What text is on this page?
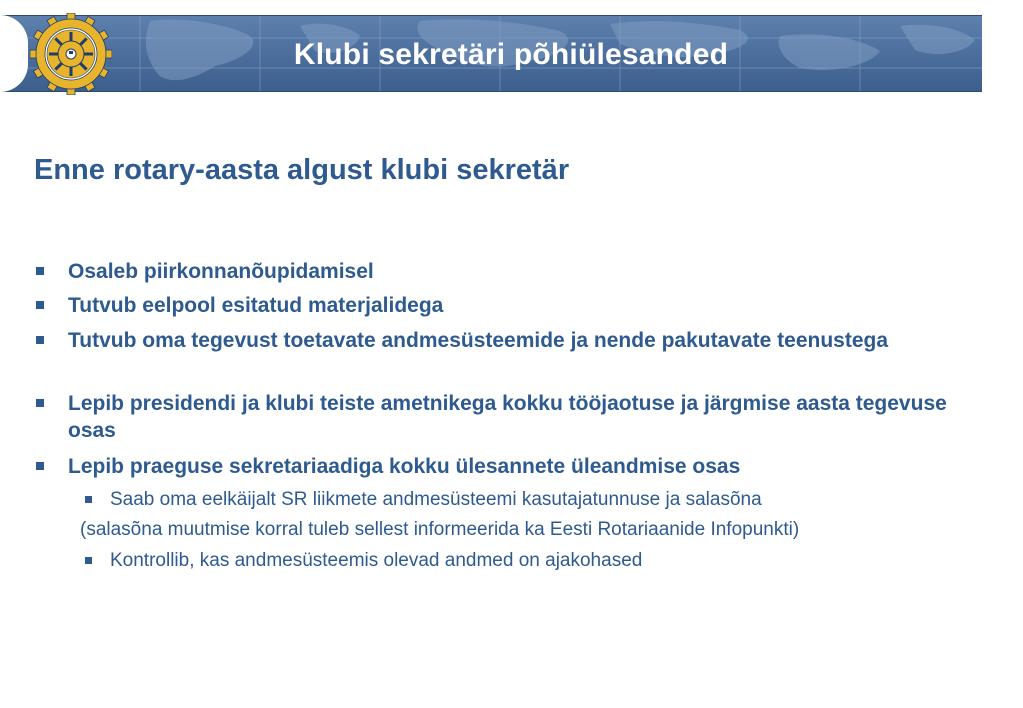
Klubi sekretäri põhiülesanded
Enne rotary-aasta algust klubi sekretär
Osaleb piirkonnanõupidamisel
Tutvub eelpool esitatud materjalidega
Tutvub oma tegevust toetavate andmesüsteemide ja nende pakutavate teenustega
Lepib presidendi ja klubi teiste ametnikega kokku tööjaotuse ja järgmise aasta tegevuse osas
Lepib praeguse sekretariaadiga kokku ülesannete üleandmise osas
Saab oma eelkäijalt SR liikmete andmesüsteemi kasutajatunnuse ja salasõna
(salasõna muutmise korral tuleb sellest informeerida ka Eesti Rotariaanide Infopunkti)
Kontrollib, kas andmesüsteemis olevad andmed on ajakohased
